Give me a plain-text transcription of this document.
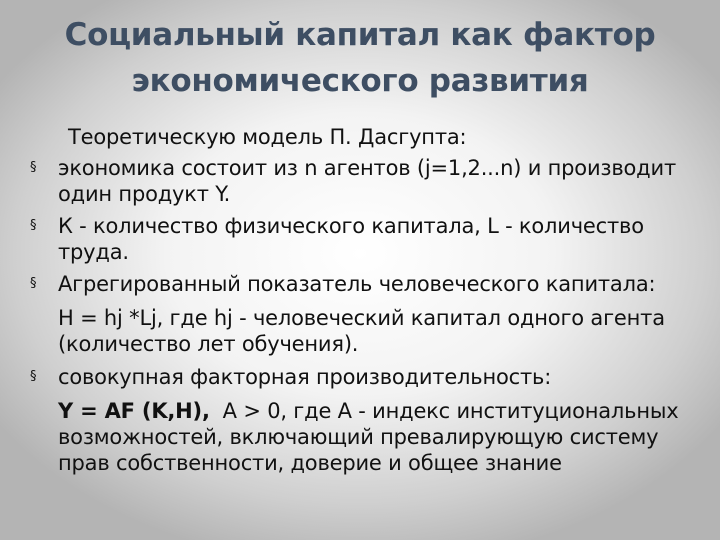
Социальный капитал как фактор
экономического развития
Теоретическую модель П. Дасгупта:
§ экономика состоит из n агентов (j=1,2...n) и производит
один продукт Y.
§ К - количество физического капитала, L - количество
труда.
§ Агрегированный показатель человеческого капитала:
H = hj *Lj, где hj - человеческий капитал одного агента
(количество лет обучения).
§ совокупная факторная производительность:
Y = AF (K,H),  A > 0, где A - индекс институциональных
возможностей, включающий превалирующую систему
прав собственности, доверие и общее знание
